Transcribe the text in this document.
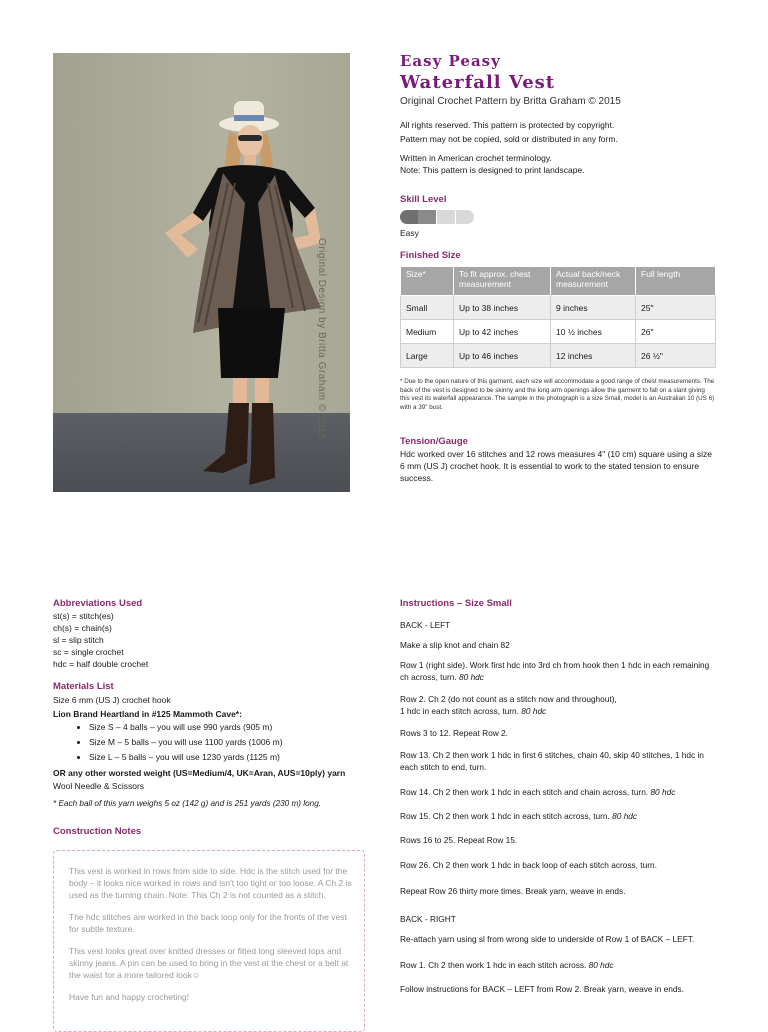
Original Design by Britta Graham © 2015
Easy Peasy
Waterfall Vest
Original Crochet Pattern by Britta Graham © 2015
All rights reserved. This pattern is protected by copyright.
Pattern may not be copied, sold or distributed in any form.
Written in American crochet terminology.
Note: This pattern is designed to print landscape.
Skill Level
Easy
Finished Size
Size*	To fit approx. chest measurement	Actual back/neck measurement	Full length
Small	Up to 38 inches	9 inches	25"
Medium	Up to 42 inches	10 ½ inches	26"
Large	Up to 46 inches	12 inches	26 ½"
* Due to the open nature of this garment, each size will accommodate a good range of chest measurements. The back of the vest is designed to be skinny and the long arm openings allow the garment to fall on a slant giving this vest its waterfall appearance. The sample in the photograph is a size Small, model is an Australian 10 (US 6) with a 39" bust.
Tension/Gauge
Hdc worked over 16 stitches and 12 rows measures 4" (10 cm) square using a size 6 mm (US J) crochet hook. It is essential to work to the stated tension to ensure success.
Abbreviations Used
st(s) = stitch(es)
ch(s) = chain(s)
sl = slip stitch
sc = single crochet
hdc = half double crochet
Materials List
Size 6 mm (US J) crochet hook
Lion Brand Heartland in #125 Mammoth Cave*:
• Size S – 4 balls – you will use 990 yards (905 m)
• Size M – 5 balls – you will use 1100 yards (1006 m)
• Size L – 5 balls – you will use 1230 yards (1125 m)
OR any other worsted weight (US=Medium/4, UK=Aran, AUS=10ply) yarn
Wool Needle & Scissors
* Each ball of this yarn weighs 5 oz (142 g) and is 251 yards (230 m) long.
Construction Notes

This vest is worked in rows from side to side. Hdc is the stitch used for the body – it looks nice worked in rows and isn't too tight or too loose. A Ch 2 is used as the turning chain. Note: This Ch 2 is not counted as a stitch.

The hdc stitches are worked in the back loop only for the fronts of the vest for subtle texture.

This vest looks great over knitted dresses or fitted long sleeved tops and skinny jeans. A pin can be used to bring in the vest at the chest or a belt at the waist for a more tailored look☺

Have fun and happy crocheting!

Instructions – Size Small

BACK - LEFT

Make a slip knot and chain 82

Row 1 (right side). Work first hdc into 3rd ch from hook then 1 hdc in each remaining ch across, turn. 80 hdc

Row 2. Ch 2 (do not count as a stitch now and throughout),

1 hdc in each stitch across, turn. 80 hdc

Rows 3 to 12. Repeat Row 2.

Row 13. Ch 2 then work 1 hdc in first 6 stitches, chain 40, skip 40 stitches, 1 hdc in each stitch to end, turn.

Row 14. Ch 2 then work 1 hdc in each stitch and chain across, turn. 80 hdc

Row 15. Ch 2 then work 1 hdc in each stitch across, turn. 80 hdc

Rows 16 to 25. Repeat Row 15.

Row 26. Ch 2 then work 1 hdc in back loop of each stitch across, turn.

Repeat Row 26 thirty more times. Break yarn, weave in ends.

BACK - RIGHT

Re-attach yarn using sl from wrong side to underside of Row 1 of BACK – LEFT.

Row 1. Ch 2 then work 1 hdc in each stitch across. 80 hdc

Follow instructions for BACK – LEFT from Row 2. Break yarn, weave in ends.
